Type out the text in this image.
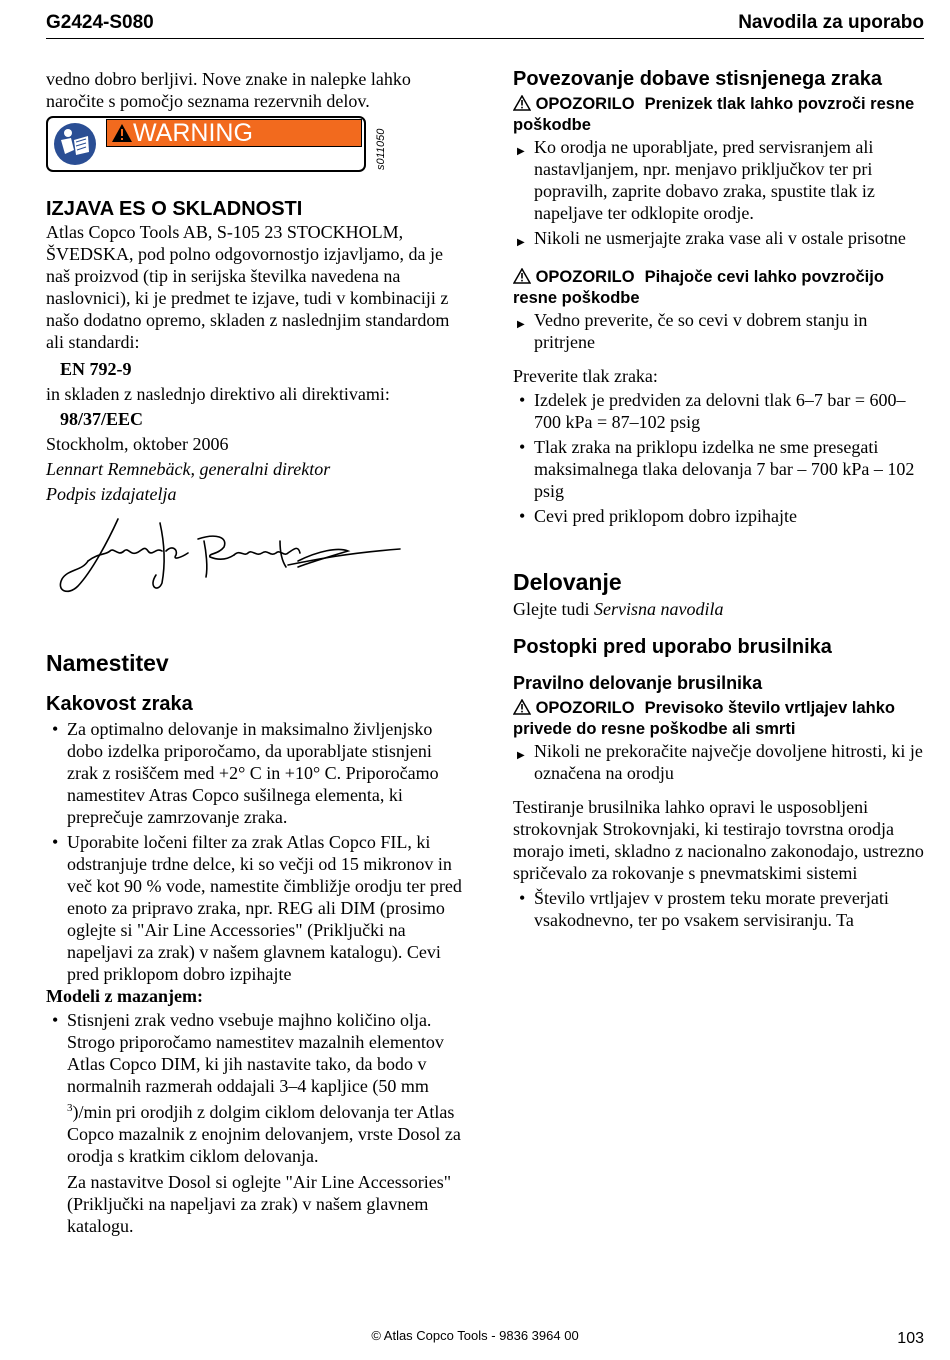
G2424-S080	Navodila za uporabo

vedno dobro berljivi. Nove znake in nalepke lahko naročite s pomočjo seznama rezervnih delov.

WARNING	s011050
IZJAVA ES O SKLADNOSTI

Atlas Copco Tools AB, S-105 23 STOCKHOLM, ŠVEDSKA, pod polno odgovornostjo izjavljamo, da je naš proizvod (tip in serijska številka navedena na naslovnici), ki je predmet te izjave, tudi v kombinaciji z našo dodatno opremo, skladen z naslednjim standardom ali standardi:

EN 792-9

in skladen z naslednjo direktivo ali direktivami:

98/37/EEC

Stockholm, oktober 2006

Lennart Remnebäck, generalni direktor

Podpis izdajatelja

Namestitev
Kakovost zraka
• Za optimalno delovanje in maksimalno življenjsko dobo izdelka priporočamo, da uporabljate stisnjeni zrak z rosiščem med +2° C in +10° C. Priporočamo namestitev Atras Copco sušilnega elementa, ki preprečuje zamrzovanje zraka.
• Uporabite ločeni filter za zrak Atlas Copco FIL, ki odstranjuje trdne delce, ki so večji od 15 mikronov in več kot 90 % vode, namestite čimbližje orodju ter pred enoto za pripravo zraka, npr. REG ali DIM (prosimo oglejte si "Air Line Accessories" (Priključki na napeljavi za zrak) v našem glavnem katalogu). Cevi pred priklopom dobro izpihajte

Modeli z mazanjem:

• Stisnjeni zrak vedno vsebuje majhno količino olja. Strogo priporočamo namestitev mazalnih elementov Atlas Copco DIM, ki jih nastavite tako, da bodo v normalnih razmerah oddajali 3–4 kapljice (50 mm $^3$)/min pri orodjih z dolgim ciklom delovanja ter Atlas Copco mazalnik z enojnim delovanjem, vrste Dosol za orodja s kratkim ciklom delovanja.

Za nastavitve Dosol si oglejte "Air Line Accessories" (Priključki na napeljavi za zrak) v našem glavnem katalogu.

Povezovanje dobave stisnjenega zraka
OPOZORILO Prenizek tlak lahko povzroči resne poškodbe
▶ Ko orodja ne uporabljate, pred servisranjem ali nastavljanjem, npr. menjavo priključkov ter pri popravilh, zaprite dobavo zraka, spustite tlak iz napeljave ter odklopite orodje.
▶ Nikoli ne usmerjajte zraka vase ali v ostale prisotne
OPOZORILO Pihajoče cevi lahko povzročijo resne poškodbe
▶ Vedno preverite, če so cevi v dobrem stanju in pritrjene

Preverite tlak zraka:

• Izdelek je predviden za delovni tlak 6–7 bar = 600–700 kPa = 87–102 psig
• Tlak zraka na priklopu izdelka ne sme presegati maksimalnega tlaka delovanja 7 bar – 700 kPa – 102 psig
• Cevi pred priklopom dobro izpihajte
Delovanje

Glejte tudi Servisna navodila

Postopki pred uporabo brusilnika
Pravilno delovanje brusilnika
OPOZORILO Previsoko število vrtljajev lahko privede do resne poškodbe ali smrti
▶ Nikoli ne prekoračite največje dovoljene hitrosti, ki je označena na orodju

Testiranje brusilnika lahko opravi le usposobljeni strokovnjak Strokovnjaki, ki testirajo tovrstna orodja morajo imeti, skladno z nacionalno zakonodajo, ustrezno spričevalo za rokovanje s pnevmatskimi sistemi

• Število vrtljajev v prostem teku morate preverjati vsakodnevno, ter po vsakem servisiranju. Ta
© Atlas Copco Tools - 9836 3964 00	103
